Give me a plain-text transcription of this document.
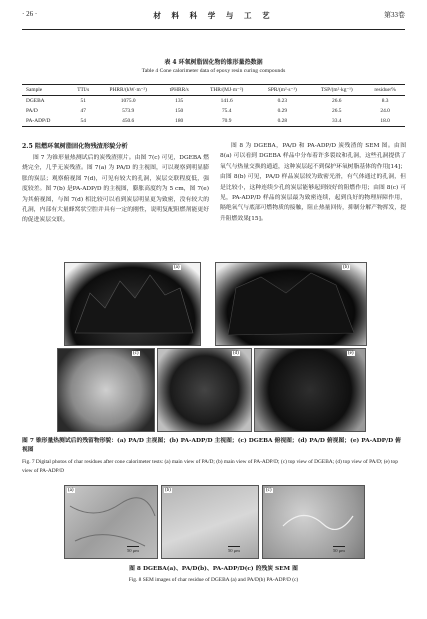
· 26 ·	材 料 科 学 与 工 艺	第33卷
表 4 环氧树脂固化物的锥形量热数据
Table 4 Cone calorimeter data of epoxy resin curing compounds
Sample	TTI/s	PHRR/(kW·m⁻²)	tPHRR/s	THR/(MJ·m⁻²)	SPR/(m²·s⁻¹)	TSP/(m²·kg⁻¹)	residue/%
DGEBA	51	1075.0	135	141.6	0.23	26.6	8.3
PA/D	47	573.9	150	75.4	0.29	26.5	24.0
PA-ADP/D	54	450.6	180	70.9	0.28	33.4	18.0
2.5 阻燃环氧树脂固化物残渣形貌分析
图 7 为锥形量热测试后的炭残渣照片。由图 7(c) 可见，DGEBA 燃烧完全，几乎无炭残渣。图 7(a) 为 PA/D 的主视图，可以观察到明显膨胀的炭层；观察俯视图 7(d)，可见有较大的孔洞，炭层交联程度低，强度较差。图 7(b) 是PA-ADP/D 的主视图，膨胀高度约为 5 cm，图 7(e) 为其俯视图，与图 7(d) 相比较可以看到炭层明显更为致密，没有较大的孔洞，内部有大量蜂窝状空腔并具有一定的刚性，说明复配阻燃剂能更好的促进炭层交联。
图 8 为 DGEBA，PA/D 和 PA-ADP/D 炭残渣的 SEM 图。由图 8(a) 可以看到 DGEBA 样品中分布着许多裂纹和孔洞，这些孔洞提供了氧气与热量交换的通道，这种炭层起不到保护环氧树脂基体的作用[14]；由图 8(b) 可见，PA/D 样品炭层较为致密光滑，有气体通过的孔洞，但是比较小，这种连续少孔的炭层能够起到较好的阻燃作用；由图 8(c) 可见，PA-ADP/D 样品的炭层最为致密连续，起到良好的物理屏障作用，隔绝氧气与底部可燃物质的接触，阻止热量回传，抑制分解产物挥发，提升阻燃效果[15]。
(a)	(b)
(c)	(d)	(e)
图 7 锥形量热测试后的残留物形貌：(a) PA/D 主视图；(b) PA-ADP/D 主视图；(c) DGEBA 俯视图；(d) PA/D 俯视图；(e) PA-ADP/D 俯视图
Fig. 7 Digital photos of char residues after cone calorimeter tests: (a) main view of PA/D; (b) main view of PA-ADP/D; (c) top view of DGEBA; (d) top view of PA/D; (e) top view of PA-ADP/D
(a)
50 μm
(b)
50 μm
(c)
50 μm
图 8 DGEBA(a)、PA/D(b)、PA-ADP/D(c) 的残炭 SEM 图
Fig. 8 SEM images of char residue of DGEBA (a) and PA/D(b) PA-ADP/D (c)
